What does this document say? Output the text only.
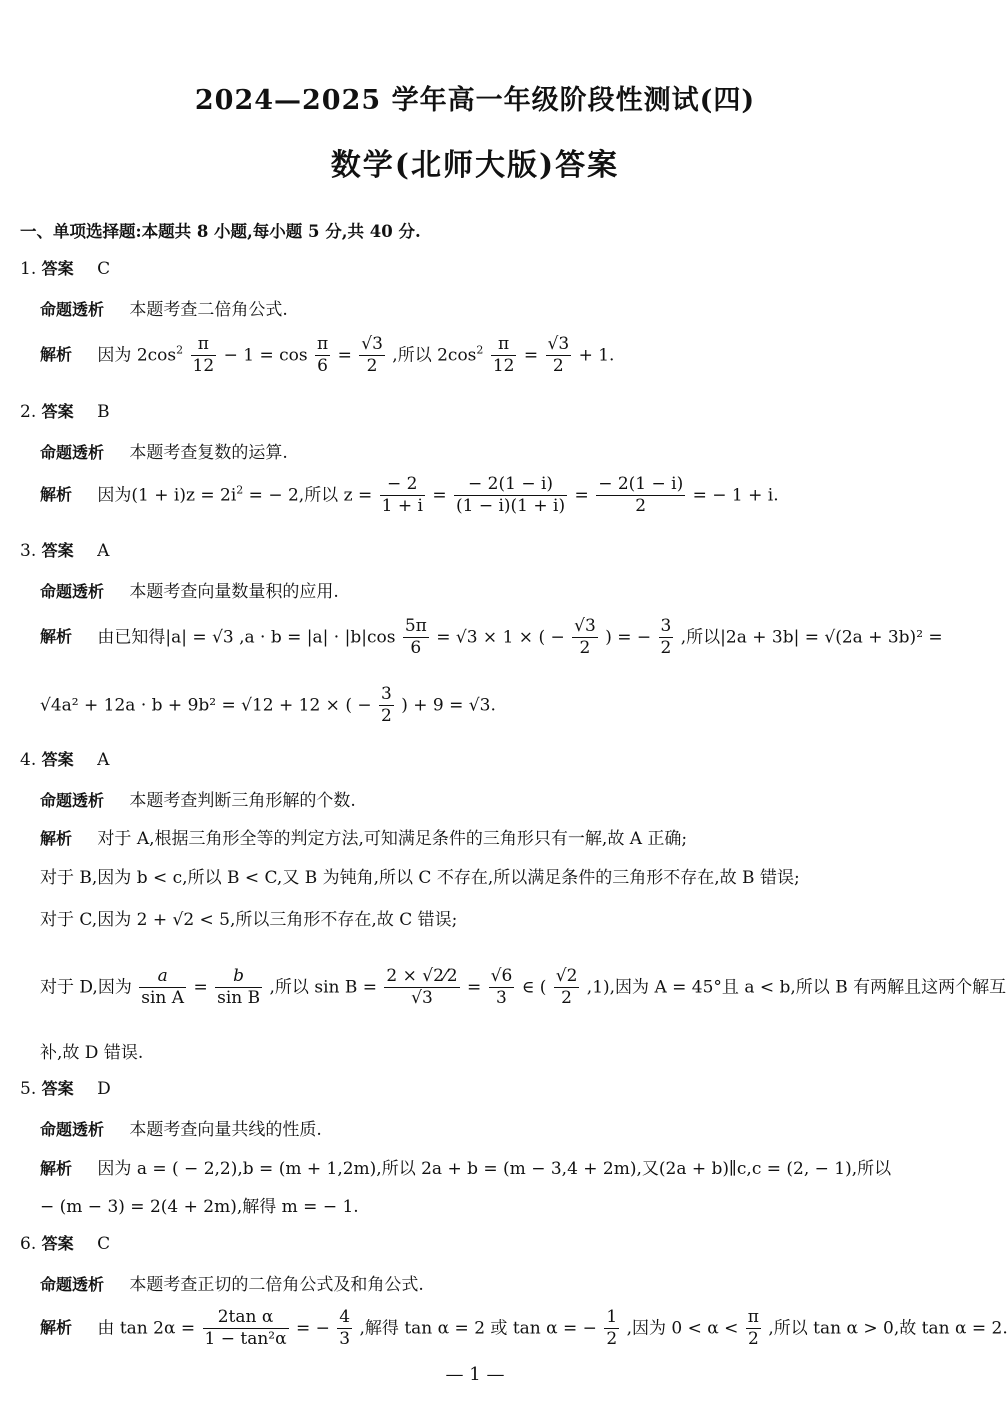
2024—2025 学年高一年级阶段性测试(四)
数学(北师大版)答案
一、单项选择题:本题共 8 小题,每小题 5 分,共 40 分.
1. 答案 C
命题透析 本题考查二倍角公式.
解析 因为 $2\cos^2 \frac{\pi}{12} - 1 = \cos \frac{\pi}{6} = \frac{√3}{2}$ ,所以 $2\cos^2 \frac{\pi}{12} = \frac{√3}{2} + 1$.
2. 答案 B
命题透析 本题考查复数的运算.
解析 因为$(1 + i)z = 2i^2$ = − 2,所以 $z = \frac{- 2}{1 + i} = \frac{- 2(1 - i)}{(1 - i)(1 + i)} = \frac{- 2(1 - i)}{2}$ = − 1 + i.
3. 答案 A
命题透析 本题考查向量数量积的应用.
解析 由已知得|a| = √3 $,a \cdot b = |a| \cdot |b|\cos \frac{5\pi}{6} = √3 \times 1$ × ( − $\frac{√3}{2}$ ) = − $\frac{3}{2}$ ,所以|2a + 3b| = √(2a + 3b)² =
√4a² + 12a · b + 9b² = √12 + 12 × ( − $\frac{3}{2}$ ) + 9 = √3.
4. 答案 A
命题透析 本题考查判断三角形解的个数.
解析 对于 A,根据三角形全等的判定方法,可知满足条件的三角形只有一解,故 A 正确;
对于 B,因为 b < c,所以 B < C,又 B 为钝角,所以 C 不存在,所以满足条件的三角形不存在,故 B 错误;
对于 C,因为 2 + √2 < 5,所以三角形不存在,故 C 错误;
对于 D,因为 $\frac{a}{\text{sin A}} = \frac{b}{\text{sin B}}$ ,所以 $\sin B = \frac{2 \times √2⁄2}{√3} = \frac{√6}{3}$ ∈ ( $\frac{√2}{2} ,1$),因为 A = 45°且 a < b,所以 B 有两解且这两个解互
补,故 D 错误.
5. 答案 D
命题透析 本题考查向量共线的性质.
解析 因为 a = ( − 2,2),b = (m + 1,2m),所以 2a + b = (m − 3,4 + 2m),又(2a + b)∥c,c = (2, − 1),所以
− (m − 3) = 2(4 + 2m),解得 m = − 1.
6. 答案 C
命题透析 本题考查正切的二倍角公式及和角公式.
解析 由 $\tan 2\alpha = \frac{\text{2tan α}}{\text{1 − tan²α}}$ = − $\frac{4}{3}$ ,解得 tan α = 2 或 tan α = − $\frac{1}{2}$ ,因为 $0 < \alpha < \frac{\pi}{2}$ ,所以 tan α > 0,故 tan α = 2.
— 1 —
